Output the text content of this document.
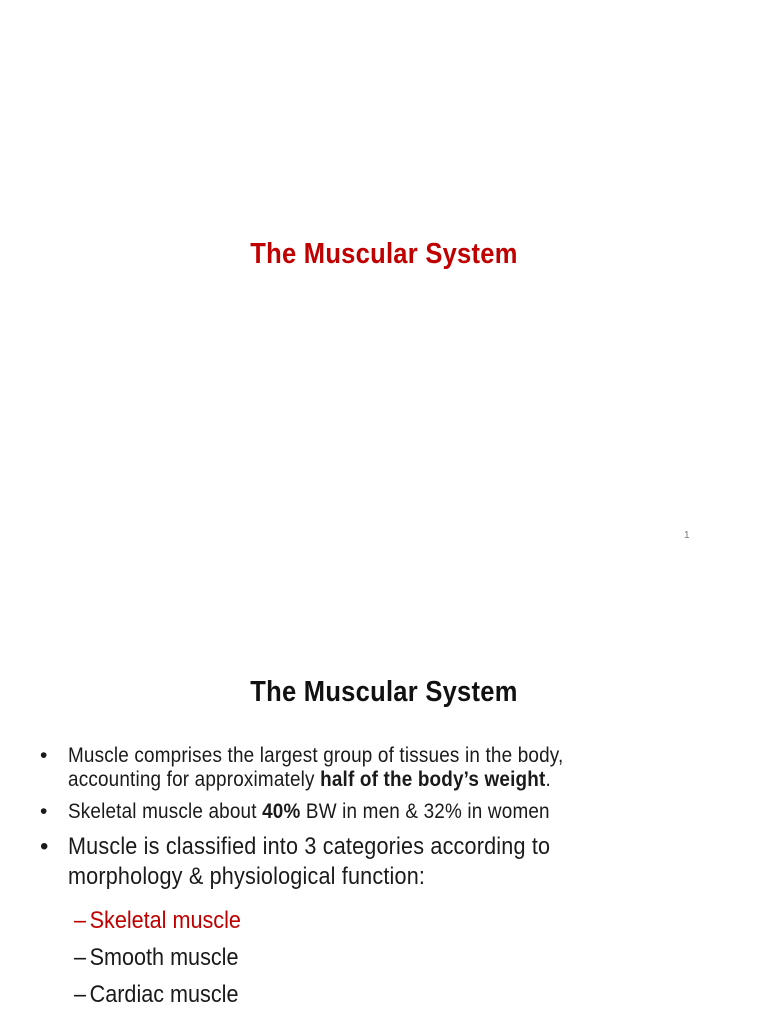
The Muscular System
1
The Muscular System
• Muscle comprises the largest group of tissues in the body,
accounting for approximately half of the body’s weight.
• Skeletal muscle about 40% BW in men & 32% in women
• Muscle is classified into 3 categories according to
morphology & physiological function:
– Skeletal muscle
– Smooth muscle
– Cardiac muscle
